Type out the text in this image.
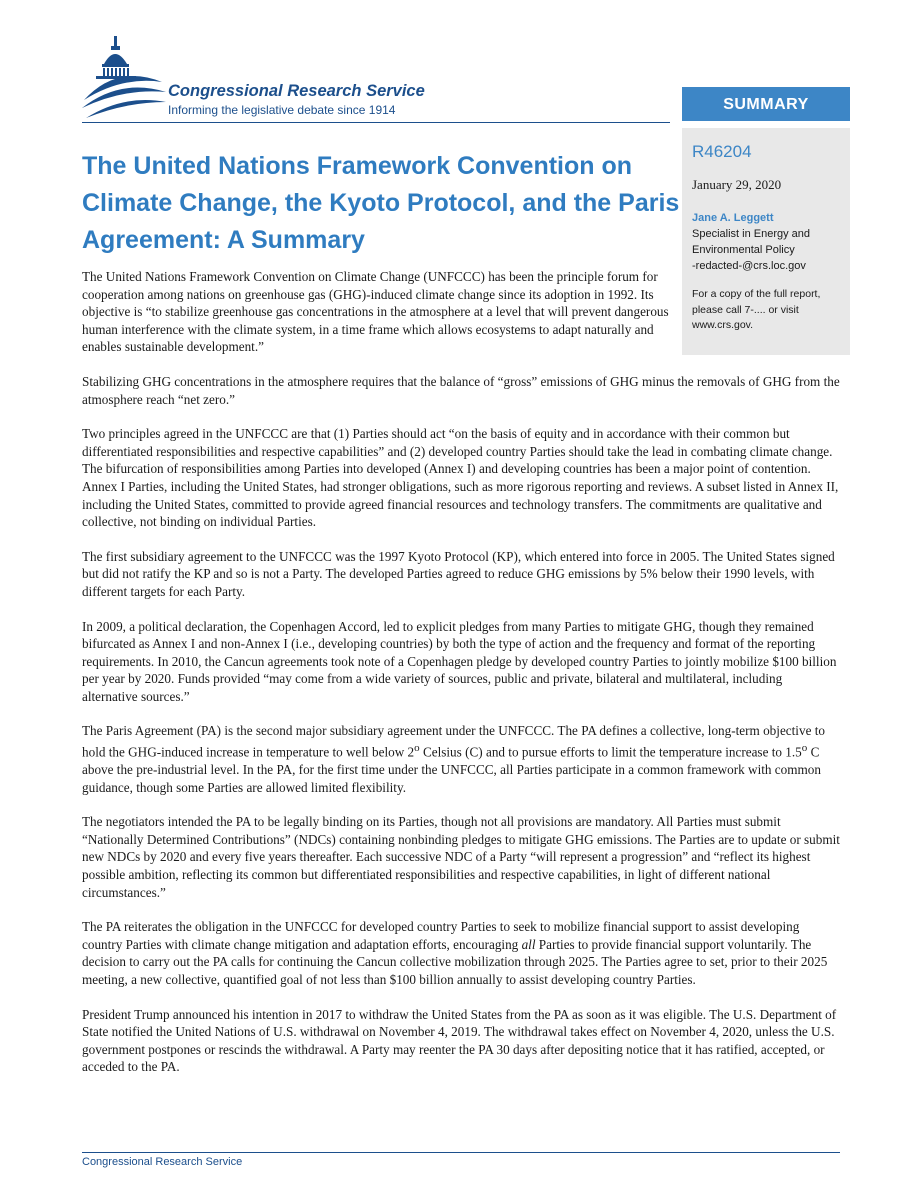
Congressional Research Service
Informing the legislative debate since 1914	SUMMARY
R46204
January 29, 2020
Jane A. Leggett
Specialist in Energy and
Environmental Policy
-redacted-@crs.loc.gov
For a copy of the full report,
please call 7-.... or visit
www.crs.gov.
The United Nations Framework Convention on Climate Change, the Kyoto Protocol, and the Paris Agreement: A Summary

The United Nations Framework Convention on Climate Change (UNFCCC) has been the principle forum for cooperation among nations on greenhouse gas (GHG)-induced climate change since its adoption in 1992. Its objective is “to stabilize greenhouse gas concentrations in the atmosphere at a level that will prevent dangerous human interference with the climate system, in a time frame which allows ecosystems to adapt naturally and enables sustainable development.”

Stabilizing GHG concentrations in the atmosphere requires that the balance of “gross” emissions of GHG minus the removals of GHG from the atmosphere reach “net zero.”

Two principles agreed in the UNFCCC are that (1) Parties should act “on the basis of equity and in accordance with their common but differentiated responsibilities and respective capabilities” and (2) developed country Parties should take the lead in combating climate change. The bifurcation of responsibilities among Parties into developed (Annex I) and developing countries has been a major point of contention. Annex I Parties, including the United States, had stronger obligations, such as more rigorous reporting and reviews. A subset listed in Annex II, including the United States, committed to provide agreed financial resources and technology transfers. The commitments are qualitative and collective, not binding on individual Parties.

The first subsidiary agreement to the UNFCCC was the 1997 Kyoto Protocol (KP), which entered into force in 2005. The United States signed but did not ratify the KP and so is not a Party. The developed Parties agreed to reduce GHG emissions by 5% below their 1990 levels, with different targets for each Party.

In 2009, a political declaration, the Copenhagen Accord, led to explicit pledges from many Parties to mitigate GHG, though they remained bifurcated as Annex I and non-Annex I (i.e., developing countries) by both the type of action and the frequency and format of the reporting requirements. In 2010, the Cancun agreements took note of a Copenhagen pledge by developed country Parties to jointly mobilize $100 billion per year by 2020. Funds provided “may come from a wide variety of sources, public and private, bilateral and multilateral, including alternative sources.”

The Paris Agreement (PA) is the second major subsidiary agreement under the UNFCCC. The PA defines a collective, long-term objective to hold the GHG-induced increase in temperature to well below 2$^o$ Celsius (C) and to pursue efforts to limit the temperature increase to 1.5$^o$ C above the pre-industrial level. In the PA, for the first time under the UNFCCC, all Parties participate in a common framework with common guidance, though some Parties are allowed limited flexibility.

The negotiators intended the PA to be legally binding on its Parties, though not all provisions are mandatory. All Parties must submit “Nationally Determined Contributions” (NDCs) containing nonbinding pledges to mitigate GHG emissions. The Parties are to update or submit new NDCs by 2020 and every five years thereafter. Each successive NDC of a Party “will represent a progression” and “reflect its highest possible ambition, reflecting its common but differentiated responsibilities and respective capabilities, in light of different national circumstances.”

The PA reiterates the obligation in the UNFCCC for developed country Parties to seek to mobilize financial support to assist developing country Parties with climate change mitigation and adaptation efforts, encouraging all Parties to provide financial support voluntarily. The decision to carry out the PA calls for continuing the Cancun collective mobilization through 2025. The Parties agree to set, prior to their 2025 meeting, a new collective, quantified goal of not less than $100 billion annually to assist developing country Parties.

President Trump announced his intention in 2017 to withdraw the United States from the PA as soon as it was eligible. The U.S. Department of State notified the United Nations of U.S. withdrawal on November 4, 2019. The withdrawal takes effect on November 4, 2020, unless the U.S. government postpones or rescinds the withdrawal. A Party may reenter the PA 30 days after depositing notice that it has ratified, accepted, or acceded to the PA.

Congressional Research Service
